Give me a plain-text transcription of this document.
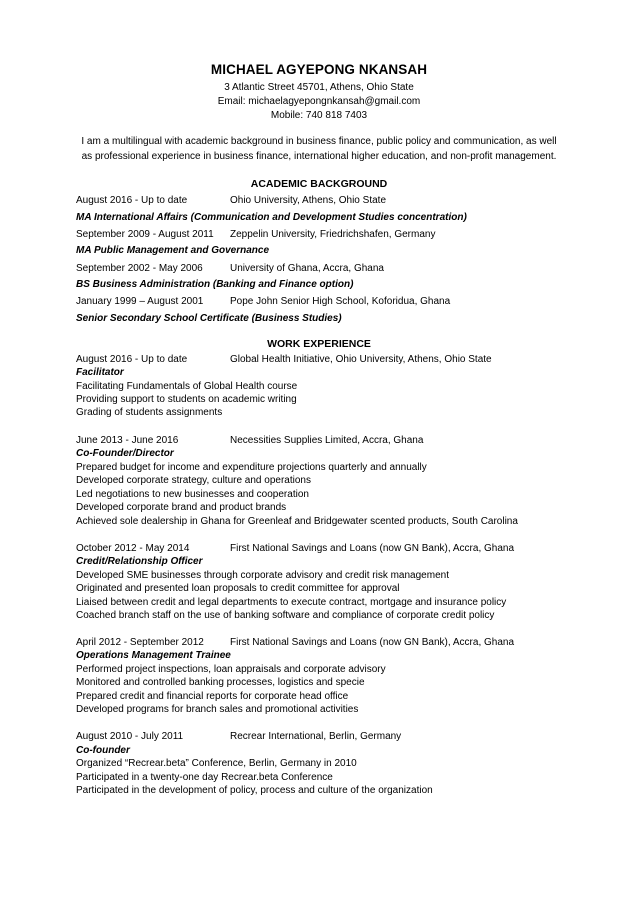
MICHAEL AGYEPONG NKANSAH
3 Atlantic Street 45701, Athens, Ohio State
Email: michaelagyepongnkansah@gmail.com
Mobile: 740 818 7403
I am a multilingual with academic background in business finance, public policy and communication, as well as professional experience in business finance, international higher education, and non-profit management.
ACADEMIC BACKGROUND
August 2016 - Up to date	Ohio University, Athens, Ohio State
MA International Affairs (Communication and Development Studies concentration)
September 2009 - August 2011 Zeppelin University, Friedrichshafen, Germany
MA Public Management and Governance
September 2002 - May 2006	University of Ghana, Accra, Ghana
BS Business Administration (Banking and Finance option)
January 1999 – August 2001	Pope John Senior High School, Koforidua, Ghana
Senior Secondary School Certificate (Business Studies)
WORK EXPERIENCE
August 2016 - Up to date	Global Health Initiative, Ohio University, Athens, Ohio State
Facilitator
Facilitating Fundamentals of Global Health course
Providing support to students on academic writing
Grading of students assignments
June 2013 - June 2016	Necessities Supplies Limited, Accra, Ghana
Co-Founder/Director
Prepared budget for income and expenditure projections quarterly and annually
Developed corporate strategy, culture and operations
Led negotiations to new businesses and cooperation
Developed corporate brand and product brands
Achieved sole dealership in Ghana for Greenleaf and Bridgewater scented products, South Carolina
October 2012 - May 2014	First National Savings and Loans (now GN Bank), Accra, Ghana
Credit/Relationship Officer
Developed SME businesses through corporate advisory and credit risk management
Originated and presented loan proposals to credit committee for approval
Liaised between credit and legal departments to execute contract, mortgage and insurance policy
Coached branch staff on the use of banking software and compliance of corporate credit policy
April 2012 - September 2012	First National Savings and Loans (now GN Bank), Accra, Ghana
Operations Management Trainee
Performed project inspections, loan appraisals and corporate advisory
Monitored and controlled banking processes, logistics and specie
Prepared credit and financial reports for corporate head office
Developed programs for branch sales and promotional activities
August 2010 - July 2011	Recrear International, Berlin, Germany
Co-founder
Organized “Recrear.beta” Conference, Berlin, Germany in 2010
Participated in a twenty-one day Recrear.beta Conference
Participated in the development of policy, process and culture of the organization
